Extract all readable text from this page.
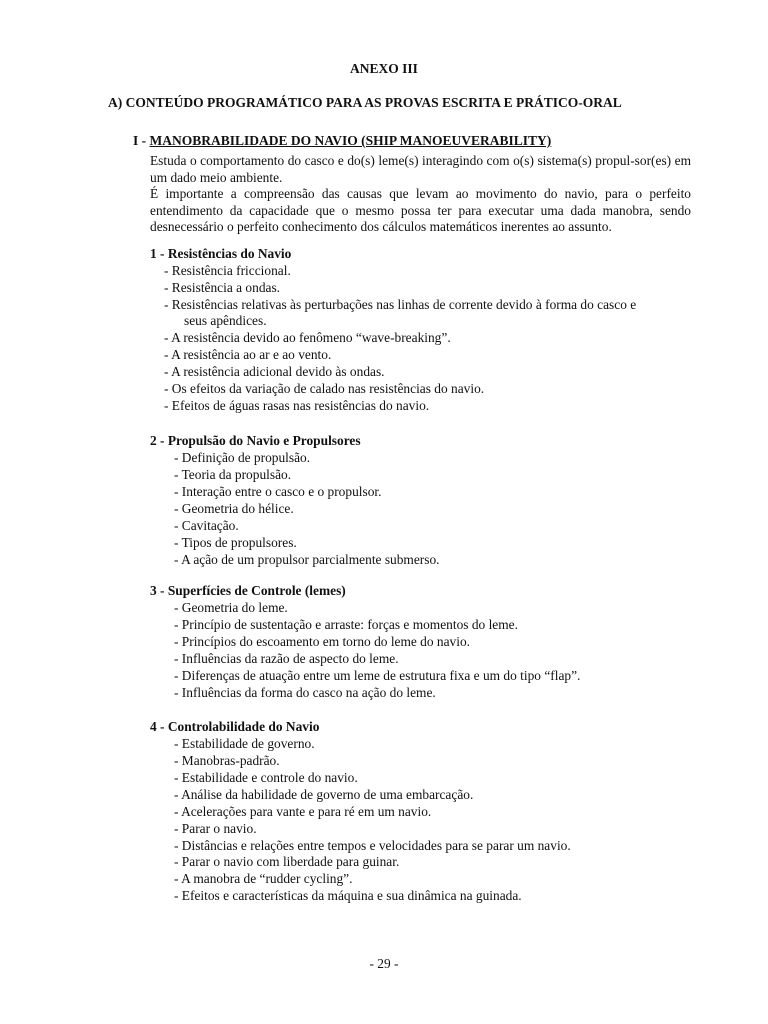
ANEXO III
A) CONTEÚDO PROGRAMÁTICO PARA AS PROVAS ESCRITA E PRÁTICO-ORAL
I - MANOBRABILIDADE DO NAVIO (SHIP MANOEUVERABILITY)

Estuda o comportamento do casco e do(s) leme(s) interagindo com o(s) sistema(s) propul-sor(es) em um dado meio ambiente.

É importante a compreensão das causas que levam ao movimento do navio, para o perfeito entendimento da capacidade que o mesmo possa ter para executar uma dada manobra, sendo desnecessário o perfeito conhecimento dos cálculos matemáticos inerentes ao assunto.

1 - Resistências do Navio

- Resistência friccional.
- Resistência a ondas.
- Resistências relativas às perturbações nas linhas de corrente devido à forma do casco e
seus apêndices.
- A resistência devido ao fenômeno “wave-breaking”.
- A resistência ao ar e ao vento.
- A resistência adicional devido às ondas.
- Os efeitos da variação de calado nas resistências do navio.
- Efeitos de águas rasas nas resistências do navio.

2 - Propulsão do Navio e Propulsores

- Definição de propulsão.
- Teoria da propulsão.
- Interação entre o casco e o propulsor.
- Geometria do hélice.
- Cavitação.
- Tipos de propulsores.
- A ação de um propulsor parcialmente submerso.

3 - Superfícies de Controle (lemes)

- Geometria do leme.
- Princípio de sustentação e arraste: forças e momentos do leme.
- Princípios do escoamento em torno do leme do navio.
- Influências da razão de aspecto do leme.
- Diferenças de atuação entre um leme de estrutura fixa e um do tipo “flap”.
- Influências da forma do casco na ação do leme.

4 - Controlabilidade do Navio

- Estabilidade de governo.
- Manobras-padrão.
- Estabilidade e controle do navio.
- Análise da habilidade de governo de uma embarcação.
- Acelerações para vante e para ré em um navio.
- Parar o navio.
- Distâncias e relações entre tempos e velocidades para se parar um navio.
- Parar o navio com liberdade para guinar.
- A manobra de “rudder cycling”.
- Efeitos e características da máquina e sua dinâmica na guinada.

- 29 -
